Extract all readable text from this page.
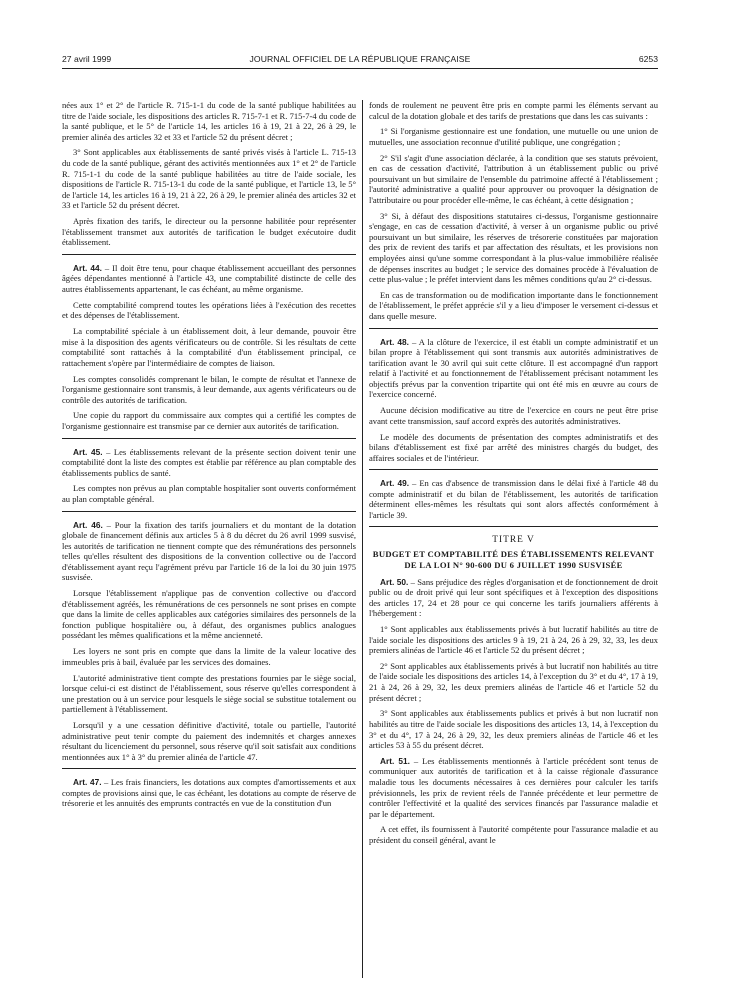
27 avril 1999	JOURNAL OFFICIEL DE LA RÉPUBLIQUE FRANÇAISE	6253

nées aux 1° et 2° de l'article R. 715-1-1 du code de la santé publique habilitées au titre de l'aide sociale, les dispositions des articles R. 715-7-1 et R. 715-7-4 du code de la santé publique, et le 5° de l'article 14, les articles 16 à 19, 21 à 22, 26 à 29, le premier alinéa des articles 32 et 33 et l'article 52 du présent décret ;

3° Sont applicables aux établissements de santé privés visés à l'article L. 715-13 du code de la santé publique, gérant des activités mentionnées aux 1° et 2° de l'article R. 715-1-1 du code de la santé publique habilitées au titre de l'aide sociale, les dispositions de l'article R. 715-13-1 du code de la santé publique, et l'article 13, le 5° de l'article 14, les articles 16 à 19, 21 à 22, 26 à 29, le premier alinéa des articles 32 et 33 et l'article 52 du présent décret.

Après fixation des tarifs, le directeur ou la personne habilitée pour représenter l'établissement transmet aux autorités de tarification le budget exécutoire dudit établissement.

Art. 44. – Il doit être tenu, pour chaque établissement accueillant des personnes âgées dépendantes mentionné à l'article 43, une comptabilité distincte de celle des autres établissements appartenant, le cas échéant, au même organisme.

Cette comptabilité comprend toutes les opérations liées à l'exécution des recettes et des dépenses de l'établissement.

La comptabilité spéciale à un établissement doit, à leur demande, pouvoir être mise à la disposition des agents vérificateurs ou de contrôle. Si les résultats de cette comptabilité sont rattachés à la comptabilité d'un établissement principal, ce rattachement s'opère par l'intermédiaire de comptes de liaison.

Les comptes consolidés comprenant le bilan, le compte de résultat et l'annexe de l'organisme gestionnaire sont transmis, à leur demande, aux agents vérificateurs ou de contrôle des autorités de tarification.

Une copie du rapport du commissaire aux comptes qui a certifié les comptes de l'organisme gestionnaire est transmise par ce dernier aux autorités de tarification.

Art. 45. – Les établissements relevant de la présente section doivent tenir une comptabilité dont la liste des comptes est établie par référence au plan comptable des établissements publics de santé.

Les comptes non prévus au plan comptable hospitalier sont ouverts conformément au plan comptable général.

Art. 46. – Pour la fixation des tarifs journaliers et du montant de la dotation globale de financement définis aux articles 5 à 8 du décret du 26 avril 1999 susvisé, les autorités de tarification ne tiennent compte que des rémunérations des personnels telles qu'elles résultent des dispositions de la convention collective ou de l'accord d'établissement ayant reçu l'agrément prévu par l'article 16 de la loi du 30 juin 1975 susvisée.

Lorsque l'établissement n'applique pas de convention collective ou d'accord d'établissement agréés, les rémunérations de ces personnels ne sont prises en compte que dans la limite de celles applicables aux catégories similaires des personnels de la fonction publique hospitalière ou, à défaut, des organismes publics analogues possédant les mêmes qualifications et la même ancienneté.

Les loyers ne sont pris en compte que dans la limite de la valeur locative des immeubles pris à bail, évaluée par les services des domaines.

L'autorité administrative tient compte des prestations fournies par le siège social, lorsque celui-ci est distinct de l'établissement, sous réserve qu'elles correspondent à une prestation ou à un service pour lesquels le siège social se substitue totalement ou partiellement à l'établissement.

Lorsqu'il y a une cessation définitive d'activité, totale ou partielle, l'autorité administrative peut tenir compte du paiement des indemnités et charges annexes résultant du licenciement du personnel, sous réserve qu'il soit satisfait aux conditions mentionnées aux 1° à 3° du premier alinéa de l'article 47.

Art. 47. – Les frais financiers, les dotations aux comptes d'amortissements et aux comptes de provisions ainsi que, le cas échéant, les dotations au compte de réserve de trésorerie et les annuités des emprunts contractés en vue de la constitution d'un

fonds de roulement ne peuvent être pris en compte parmi les éléments servant au calcul de la dotation globale et des tarifs de prestations que dans les cas suivants :

1° Si l'organisme gestionnaire est une fondation, une mutuelle ou une union de mutuelles, une association reconnue d'utilité publique, une congrégation ;

2° S'il s'agit d'une association déclarée, à la condition que ses statuts prévoient, en cas de cessation d'activité, l'attribution à un établissement public ou privé poursuivant un but similaire de l'ensemble du patrimoine affecté à l'établissement ; l'autorité administrative a qualité pour approuver ou provoquer la désignation de l'attributaire ou pour procéder elle-même, le cas échéant, à cette désignation ;

3° Si, à défaut des dispositions statutaires ci-dessus, l'organisme gestionnaire s'engage, en cas de cessation d'activité, à verser à un organisme public ou privé poursuivant un but similaire, les réserves de trésorerie constituées par majoration des prix de revient des tarifs et par affectation des résultats, et les provisions non employées ainsi qu'une somme correspondant à la plus-value immobilière réalisée de dépenses inscrites au budget ; le service des domaines procède à l'évaluation de cette plus-value ; le préfet intervient dans les mêmes conditions qu'au 2° ci-dessus.

En cas de transformation ou de modification importante dans le fonctionnement de l'établissement, le préfet apprécie s'il y a lieu d'imposer le versement ci-dessus et dans quelle mesure.

Art. 48. – A la clôture de l'exercice, il est établi un compte administratif et un bilan propre à l'établissement qui sont transmis aux autorités administratives de tarification avant le 30 avril qui suit cette clôture. Il est accompagné d'un rapport relatif à l'activité et au fonctionnement de l'établissement précisant notamment les objectifs prévus par la convention tripartite qui ont été mis en œuvre au cours de l'exercice concerné.

Aucune décision modificative au titre de l'exercice en cours ne peut être prise avant cette transmission, sauf accord exprès des autorités administratives.

Le modèle des documents de présentation des comptes administratifs et des bilans d'établissement est fixé par arrêté des ministres chargés du budget, des affaires sociales et de l'intérieur.

Art. 49. – En cas d'absence de transmission dans le délai fixé à l'article 48 du compte administratif et du bilan de l'établissement, les autorités de tarification déterminent elles-mêmes les résultats qui sont alors affectés conformément à l'article 39.

TITRE V

BUDGET ET COMPTABILITÉ DES ÉTABLISSEMENTS RELEVANT DE LA LOI N° 90-600 DU 6 JUILLET 1990 SUSVISÉE

Art. 50. – Sans préjudice des règles d'organisation et de fonctionnement de droit public ou de droit privé qui leur sont spécifiques et à l'exception des dispositions des articles 17, 24 et 28 pour ce qui concerne les tarifs journaliers afférents à l'hébergement :

1° Sont applicables aux établissements privés à but lucratif habilités au titre de l'aide sociale les dispositions des articles 9 à 19, 21 à 24, 26 à 29, 32, 33, les deux premiers alinéas de l'article 46 et l'article 52 du présent décret ;

2° Sont applicables aux établissements privés à but lucratif non habilités au titre de l'aide sociale les dispositions des articles 14, à l'exception du 3° et du 4°, 17 à 19, 21 à 24, 26 à 29, 32, les deux premiers alinéas de l'article 46 et l'article 52 du présent décret ;

3° Sont applicables aux établissements publics et privés à but non lucratif non habilités au titre de l'aide sociale les dispositions des articles 13, 14, à l'exception du 3° et du 4°, 17 à 24, 26 à 29, 32, les deux premiers alinéas de l'article 46 et les articles 53 à 55 du présent décret.

Art. 51. – Les établissements mentionnés à l'article précédent sont tenus de communiquer aux autorités de tarification et à la caisse régionale d'assurance maladie tous les documents nécessaires à ces dernières pour calculer les tarifs prévisionnels, les prix de revient réels de l'année précédente et leur permettre de contrôler l'effectivité et la qualité des services financés par l'assurance maladie et par le département.

A cet effet, ils fournissent à l'autorité compétente pour l'assurance maladie et au président du conseil général, avant le
